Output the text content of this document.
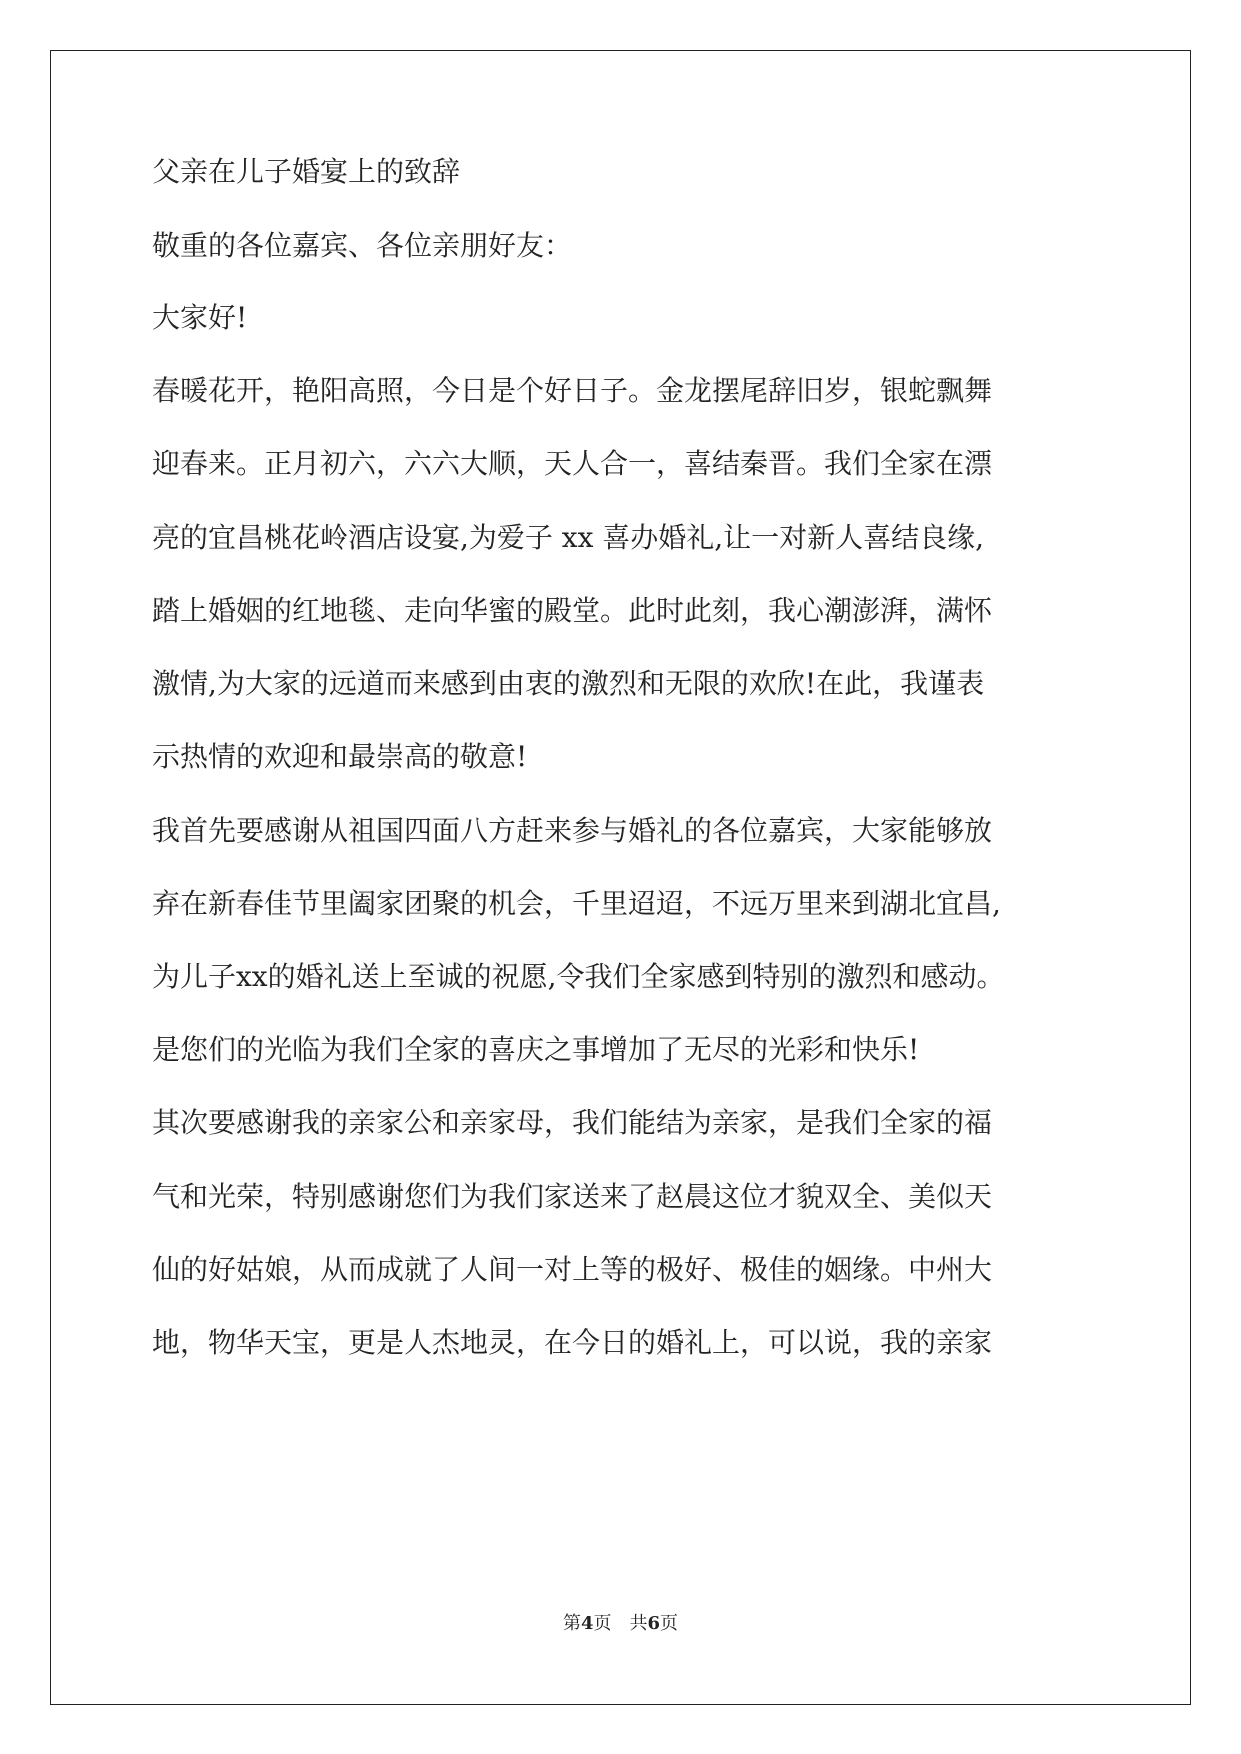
父亲在儿子婚宴上的致辞
敬重的各位嘉宾、各位亲朋好友：
大家好!
春暖花开，艳阳高照，今日是个好日子。金龙摆尾辞旧岁，银蛇飘舞
迎春来。正月初六，六六大顺，天人合一，喜结秦晋。我们全家在漂
亮的宜昌桃花岭酒店设宴,为爱子 xx 喜办婚礼,让一对新人喜结良缘,
踏上婚姻的红地毯、走向华蜜的殿堂。此时此刻，我心潮澎湃，满怀
激情,为大家的远道而来感到由衷的激烈和无限的欢欣!在此，我谨表
示热情的欢迎和最崇高的敬意!
我首先要感谢从祖国四面八方赶来参与婚礼的各位嘉宾，大家能够放
弃在新春佳节里阖家团聚的机会，千里迢迢，不远万里来到湖北宜昌,
为儿子xx的婚礼送上至诚的祝愿,令我们全家感到特别的激烈和感动。
是您们的光临为我们全家的喜庆之事增加了无尽的光彩和快乐!
其次要感谢我的亲家公和亲家母，我们能结为亲家，是我们全家的福
气和光荣，特别感谢您们为我们家送来了赵晨这位才貌双全、美似天
仙的好姑娘，从而成就了人间一对上等的极好、极佳的姻缘。中州大
地，物华天宝，更是人杰地灵，在今日的婚礼上，可以说，我的亲家
第4页　共6页
